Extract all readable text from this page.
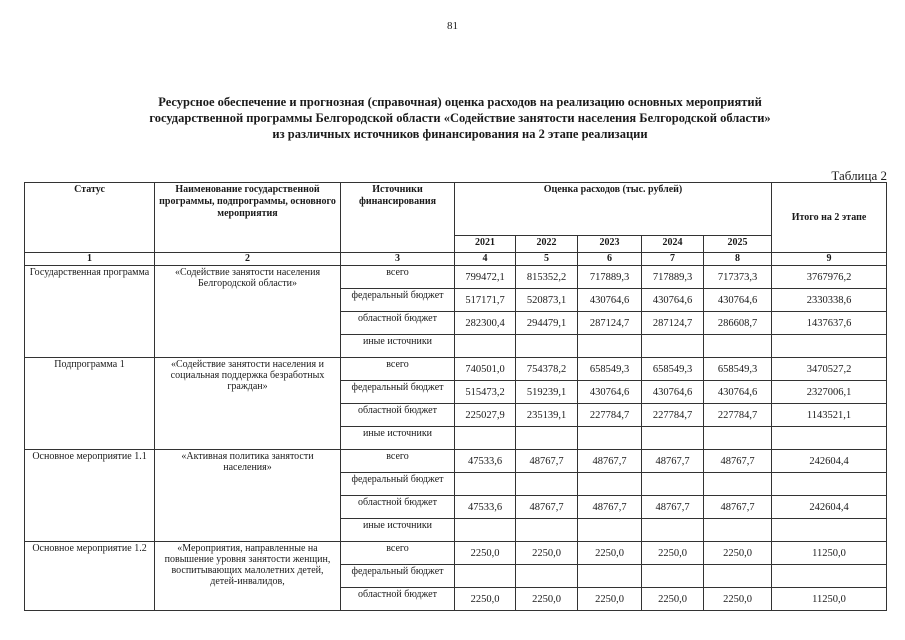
81
Ресурсное обеспечение и прогнозная (справочная) оценка расходов на реализацию основных мероприятий
государственной программы Белгородской области «Содействие занятости населения Белгородской области»
из различных источников финансирования на 2 этапе реализации
Таблица 2
Статус	Наименование государственной программы, подпрограммы, основного мероприятия	Источники финансирования	Оценка расходов (тыс. рублей)					Итого на 2 этапе
			2021	2022	2023	2024	2025	
1	2	3	4	5	6	7	8	9
Государственная программа	«Содействие занятости населения Белгородской области»	всего	799472,1	815352,2	717889,3	717889,3	717373,3	3767976,2
		федеральный бюджет	517171,7	520873,1	430764,6	430764,6	430764,6	2330338,6
		областной бюджет	282300,4	294479,1	287124,7	287124,7	286608,7	1437637,6
		иные источники						
Подпрограмма 1	«Содействие занятости населения и социальная поддержка безработных граждан»	всего	740501,0	754378,2	658549,3	658549,3	658549,3	3470527,2
		федеральный бюджет	515473,2	519239,1	430764,6	430764,6	430764,6	2327006,1
		областной бюджет	225027,9	235139,1	227784,7	227784,7	227784,7	1143521,1
		иные источники						
Основное мероприятие 1.1	«Активная политика занятости населения»	всего	47533,6	48767,7	48767,7	48767,7	48767,7	242604,4
		федеральный бюджет						
		областной бюджет	47533,6	48767,7	48767,7	48767,7	48767,7	242604,4
		иные источники						
Основное мероприятие 1.2	«Мероприятия, направленные на повышение уровня занятости женщин, воспитывающих малолетних детей, детей-инвалидов,	всего	2250,0	2250,0	2250,0	2250,0	2250,0	11250,0
		федеральный бюджет						
		областной бюджет	2250,0	2250,0	2250,0	2250,0	2250,0	11250,0
